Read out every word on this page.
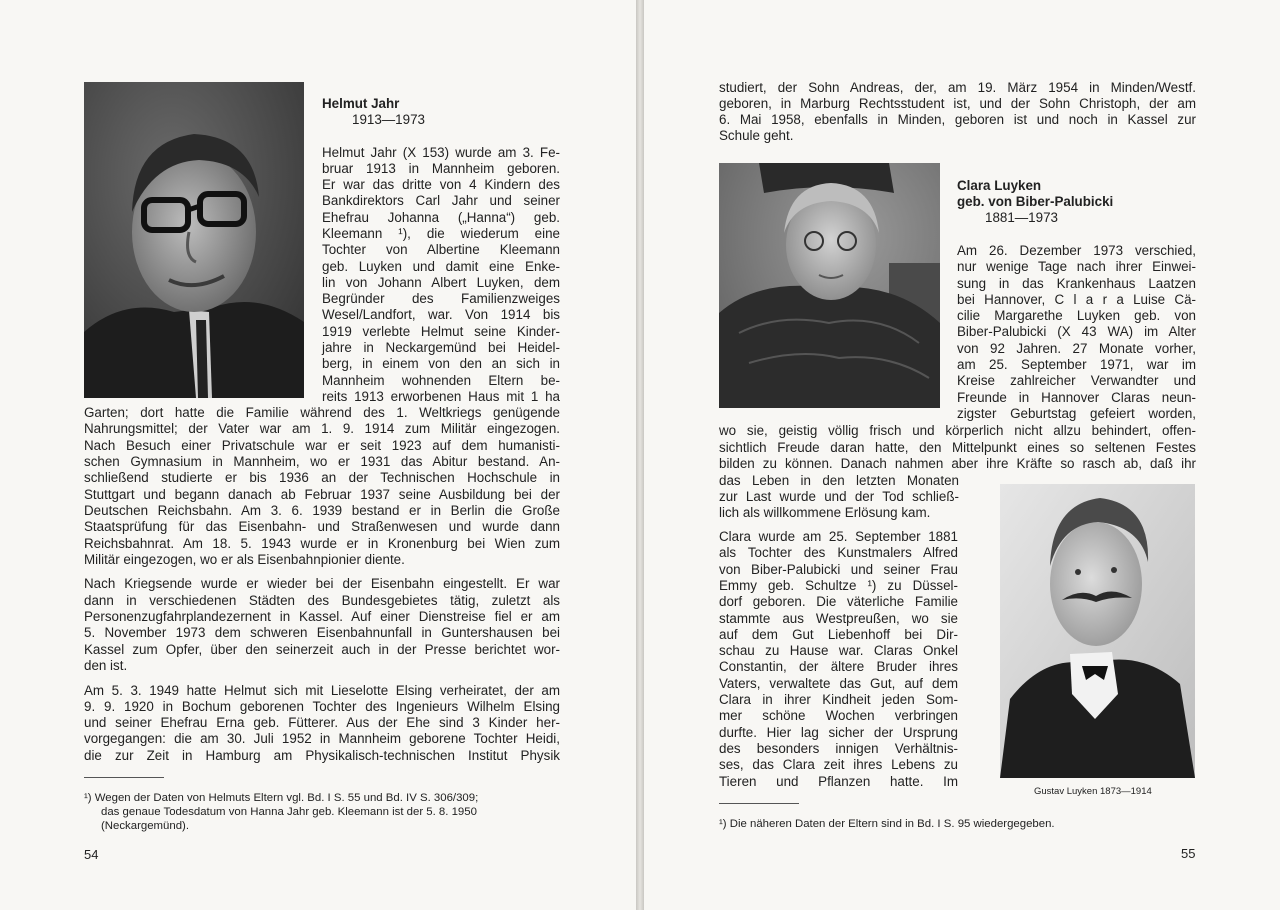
Helmut Jahr
1913—1973
Helmut Jahr (X 153) wurde am 3. Fe-
bruar 1913 in Mannheim geboren.
Er war das dritte von 4 Kindern des
Bankdirektors Carl Jahr und seiner
Ehefrau Johanna („Hanna“) geb.
Kleemann ¹), die wiederum eine
Tochter von Albertine Kleemann
geb. Luyken und damit eine Enke-
lin von Johann Albert Luyken, dem
Begründer des Familienzweiges
Wesel/Landfort, war. Von 1914 bis
1919 verlebte Helmut seine Kinder-
jahre in Neckargemünd bei Heidel-
berg, in einem von den an sich in
Mannheim wohnenden Eltern be-
reits 1913 erworbenen Haus mit 1 ha
Garten; dort hatte die Familie während des 1. Weltkriegs genügende
Nahrungsmittel; der Vater war am 1. 9. 1914 zum Militär eingezogen.
Nach Besuch einer Privatschule war er seit 1923 auf dem humanisti-
schen Gymnasium in Mannheim, wo er 1931 das Abitur bestand. An-
schließend studierte er bis 1936 an der Technischen Hochschule in
Stuttgart und begann danach ab Februar 1937 seine Ausbildung bei der
Deutschen Reichsbahn. Am 3. 6. 1939 bestand er in Berlin die Große
Staatsprüfung für das Eisenbahn- und Straßenwesen und wurde dann
Reichsbahnrat. Am 18. 5. 1943 wurde er in Kronenburg bei Wien zum
Militär eingezogen, wo er als Eisenbahnpionier diente.
Nach Kriegsende wurde er wieder bei der Eisenbahn eingestellt. Er war
dann in verschiedenen Städten des Bundesgebietes tätig, zuletzt als
Personenzugfahrplandezernent in Kassel. Auf einer Dienstreise fiel er am
5. November 1973 dem schweren Eisenbahnunfall in Guntershausen bei
Kassel zum Opfer, über den seinerzeit auch in der Presse berichtet wor-
den ist.
Am 5. 3. 1949 hatte Helmut sich mit Lieselotte Elsing verheiratet, der am
9. 9. 1920 in Bochum geborenen Tochter des Ingenieurs Wilhelm Elsing
und seiner Ehefrau Erna geb. Fütterer. Aus der Ehe sind 3 Kinder her-
vorgegangen: die am 30. Juli 1952 in Mannheim geborene Tochter Heidi,
die zur Zeit in Hamburg am Physikalisch-technischen Institut Physik
¹) Wegen der Daten von Helmuts Eltern vgl. Bd. I S. 55 und Bd. IV S. 306/309;
das genaue Todesdatum von Hanna Jahr geb. Kleemann ist der 5. 8. 1950
(Neckargemünd).
54
studiert, der Sohn Andreas, der, am 19. März 1954 in Minden/Westf.
geboren, in Marburg Rechtsstudent ist, und der Sohn Christoph, der am
6. Mai 1958, ebenfalls in Minden, geboren ist und noch in Kassel zur
Schule geht.
Clara Luyken
geb. von Biber-Palubicki
1881—1973
Am 26. Dezember 1973 verschied,
nur wenige Tage nach ihrer Einwei-
sung in das Krankenhaus Laatzen
bei Hannover, C l a r a Luise Cä-
cilie Margarethe Luyken geb. von
Biber-Palubicki (X 43 WA) im Alter
von 92 Jahren. 27 Monate vorher,
am 25. September 1971, war im
Kreise zahlreicher Verwandter und
Freunde in Hannover Claras neun-
zigster Geburtstag gefeiert worden,
wo sie, geistig völlig frisch und körperlich nicht allzu behindert, offen-
sichtlich Freude daran hatte, den Mittelpunkt eines so seltenen Festes
bilden zu können. Danach nahmen aber ihre Kräfte so rasch ab, daß ihr
das Leben in den letzten Monaten
zur Last wurde und der Tod schließ-
lich als willkommene Erlösung kam.
Clara wurde am 25. September 1881
als Tochter des Kunstmalers Alfred
von Biber-Palubicki und seiner Frau
Emmy geb. Schultze ¹) zu Düssel-
dorf geboren. Die väterliche Familie
stammte aus Westpreußen, wo sie
auf dem Gut Liebenhoff bei Dir-
schau zu Hause war. Claras Onkel
Constantin, der ältere Bruder ihres
Vaters, verwaltete das Gut, auf dem
Clara in ihrer Kindheit jeden Som-
mer schöne Wochen verbringen
durfte. Hier lag sicher der Ursprung
des besonders innigen Verhältnis-
ses, das Clara zeit ihres Lebens zu
Tieren und Pflanzen hatte. Im
Gustav Luyken 1873—1914
¹) Die näheren Daten der Eltern sind in Bd. I S. 95 wiedergegeben.
55
